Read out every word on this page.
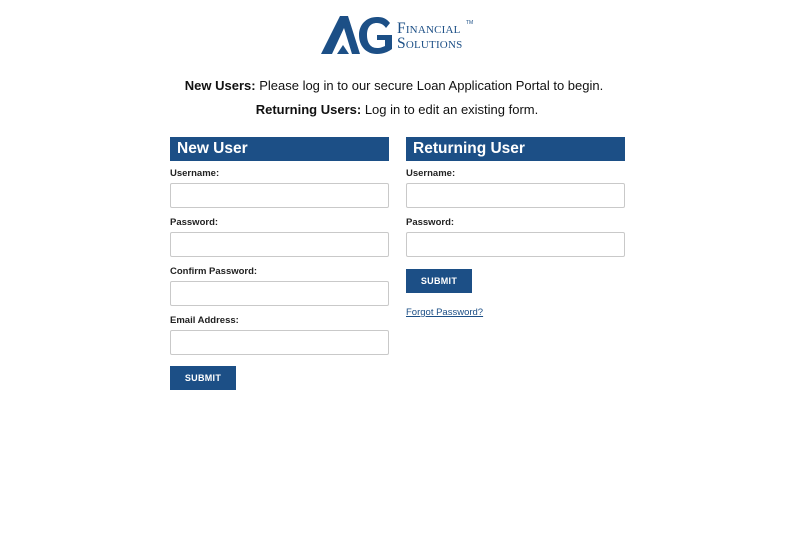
Financial
Solutions
TM
New Users: Please log in to our secure Loan Application Portal to begin.
Returning Users: Log in to edit an existing form.
New User
Username:
Password:
Confirm Password:
Email Address:
SUBMIT
Returning User
Username:
Password:
SUBMIT
Forgot Password?
